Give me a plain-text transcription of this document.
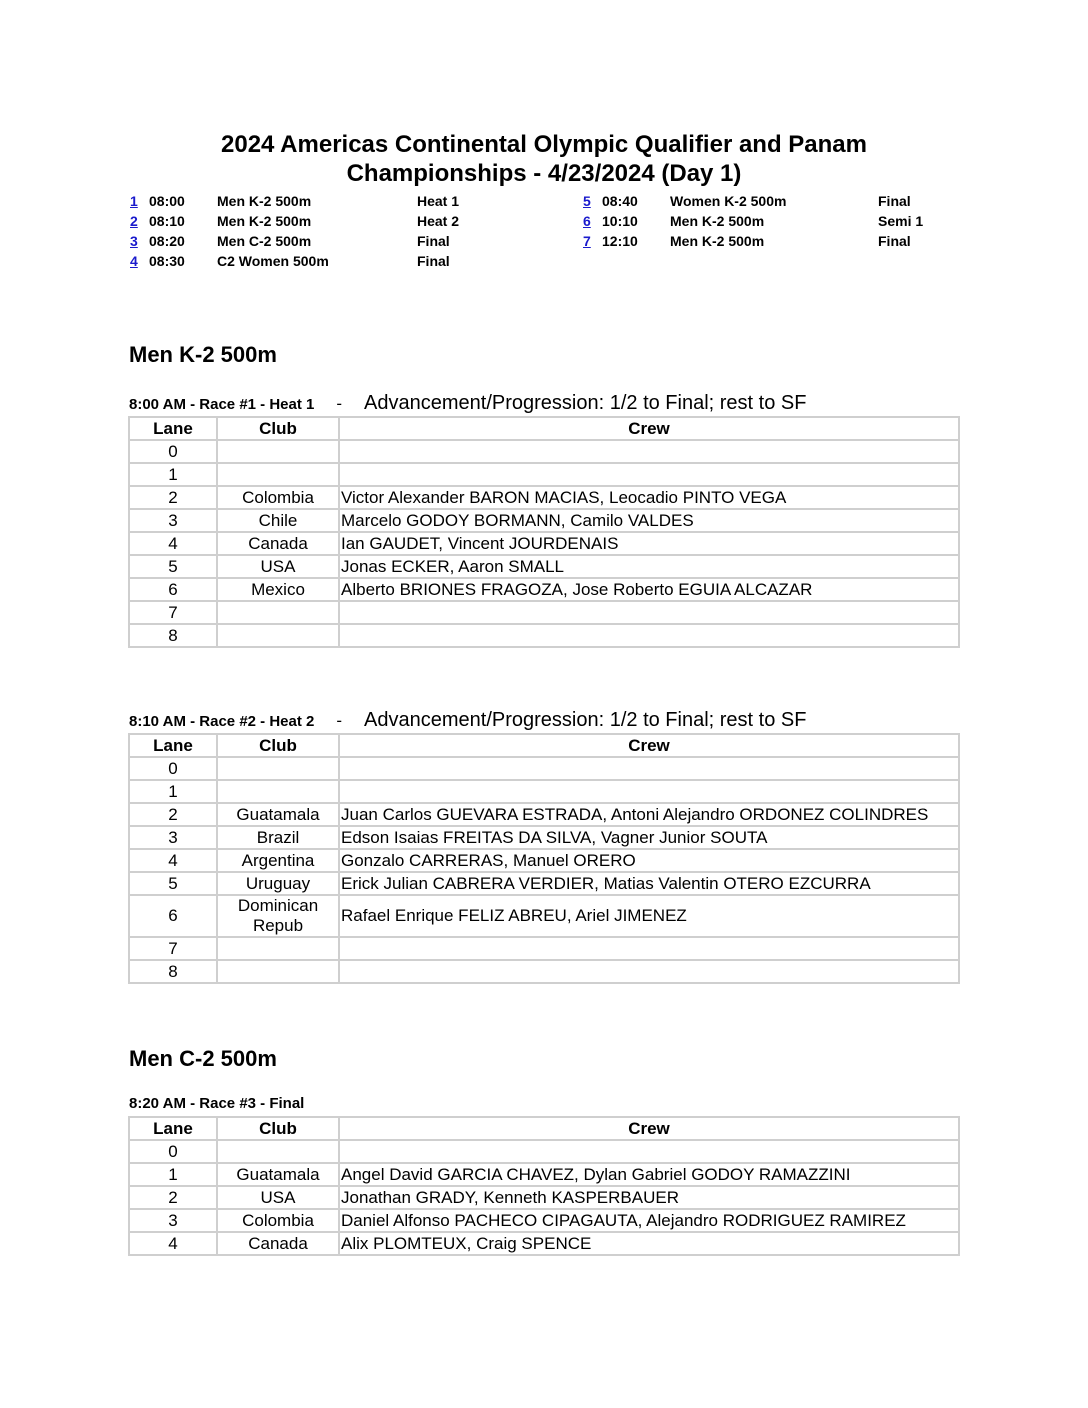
2024 Americas Continental Olympic Qualifier and Panam
Championships - 4/23/2024 (Day 1)
1 08:00 Men K-2 500m	Heat 1
2 08:10 Men K-2 500m	Heat 2
3 08:20 Men C-2 500m	Final
4 08:30 C2 Women 500m	Final
5 08:40 Women K-2 500m	Final
6 10:10 Men K-2 500m	Semi 1
7 12:10 Men K-2 500m	Final
Men K-2 500m
8:00 AM - Race #1 - Heat 1 - Advancement/Progression: 1/2 to Final; rest to SF
Lane	Club	Crew
0		
1		
2	Colombia	Victor Alexander BARON MACIAS, Leocadio PINTO VEGA
3	Chile	Marcelo GODOY BORMANN, Camilo VALDES
4	Canada	Ian GAUDET, Vincent JOURDENAIS
5	USA	Jonas ECKER, Aaron SMALL
6	Mexico	Alberto BRIONES FRAGOZA, Jose Roberto EGUIA ALCAZAR
7		
8		
8:10 AM - Race #2 - Heat 2 - Advancement/Progression: 1/2 to Final; rest to SF
Lane	Club	Crew
0		
1		
2	Guatamala	Juan Carlos GUEVARA ESTRADA, Antoni Alejandro ORDONEZ COLINDRES
3	Brazil	Edson Isaias FREITAS DA SILVA, Vagner Junior SOUTA
4	Argentina	Gonzalo CARRERAS, Manuel ORERO
5	Uruguay	Erick Julian CABRERA VERDIER, Matias Valentin OTERO EZCURRA
6	Dominican Repub	Rafael Enrique FELIZ ABREU, Ariel JIMENEZ
7		
8		
Men C-2 500m
8:20 AM - Race #3 - Final
Lane	Club	Crew
0		
1	Guatamala	Angel David GARCIA CHAVEZ, Dylan Gabriel GODOY RAMAZZINI
2	USA	Jonathan GRADY, Kenneth KASPERBAUER
3	Colombia	Daniel Alfonso PACHECO CIPAGAUTA, Alejandro RODRIGUEZ RAMIREZ
4	Canada	Alix PLOMTEUX, Craig SPENCE
